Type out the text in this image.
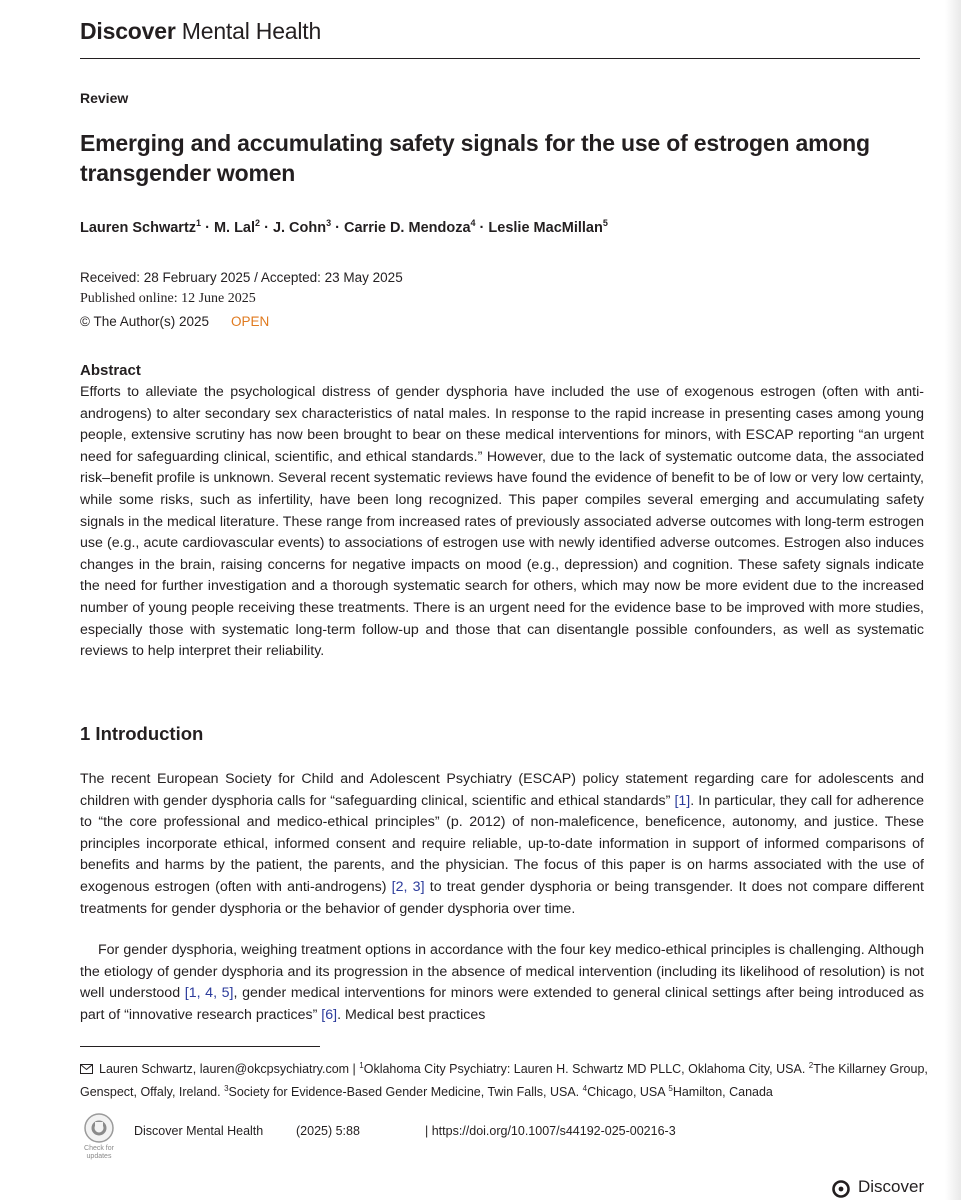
Discover Mental Health
Review
Emerging and accumulating safety signals for the use of estrogen among transgender women
Lauren Schwartz$^1$ · M. Lal$^2$ · J. Cohn$^3$ · Carrie D. Mendoza$^4$ · Leslie MacMillan$^5$
Received: 28 February 2025 / Accepted: 23 May 2025
Published online: 12 June 2025
© The Author(s) 2025 OPEN
Abstract
Efforts to alleviate the psychological distress of gender dysphoria have included the use of exogenous estrogen (often with anti-androgens) to alter secondary sex characteristics of natal males. In response to the rapid increase in presenting cases among young people, extensive scrutiny has now been brought to bear on these medical interventions for minors, with ESCAP reporting “an urgent need for safeguarding clinical, scientific, and ethical standards.” However, due to the lack of systematic outcome data, the associated risk–benefit profile is unknown. Several recent systematic reviews have found the evidence of benefit to be of low or very low certainty, while some risks, such as infertility, have been long recognized. This paper compiles several emerging and accumulating safety signals in the medical literature. These range from increased rates of previously associated adverse outcomes with long-term estrogen use (e.g., acute cardiovascular events) to associations of estrogen use with newly identified adverse outcomes. Estrogen also induces changes in the brain, raising concerns for negative impacts on mood (e.g., depression) and cognition. These safety signals indicate the need for further investigation and a thorough systematic search for others, which may now be more evident due to the increased number of young people receiving these treatments. There is an urgent need for the evidence base to be improved with more studies, especially those with systematic long-term follow-up and those that can disentangle possible confounders, as well as systematic reviews to help interpret their reliability.
1 Introduction
The recent European Society for Child and Adolescent Psychiatry (ESCAP) policy statement regarding care for adolescents and children with gender dysphoria calls for “safeguarding clinical, scientific and ethical standards” [1]. In particular, they call for adherence to “the core professional and medico-ethical principles” (p. 2012) of non-maleficence, beneficence, autonomy, and justice. These principles incorporate ethical, informed consent and require reliable, up-to-date information in support of informed comparisons of benefits and harms by the patient, the parents, and the physician. The focus of this paper is on harms associated with the use of exogenous estrogen (often with anti-androgens) [2, 3] to treat gender dysphoria or being transgender. It does not compare different treatments for gender dysphoria or the behavior of gender dysphoria over time.
For gender dysphoria, weighing treatment options in accordance with the four key medico-ethical principles is challenging. Although the etiology of gender dysphoria and its progression in the absence of medical intervention (including its likelihood of resolution) is not well understood [1, 4, 5], gender medical interventions for minors were extended to general clinical settings after being introduced as part of “innovative research practices” [6]. Medical best practices
Lauren Schwartz, lauren@okcpsychiatry.com | $^1$Oklahoma City Psychiatry: Lauren H. Schwartz MD PLLC, Oklahoma City, USA. $^2$The Killarney Group, Genspect, Offaly, Ireland. $^3$Society for Evidence-Based Gender Medicine, Twin Falls, USA. $^4$Chicago, USA $^5$Hamilton, Canada
Check for
updates
Discover Mental Health	(2025) 5:88	| https://doi.org/10.1007/s44192-025-00216-3
Discover
